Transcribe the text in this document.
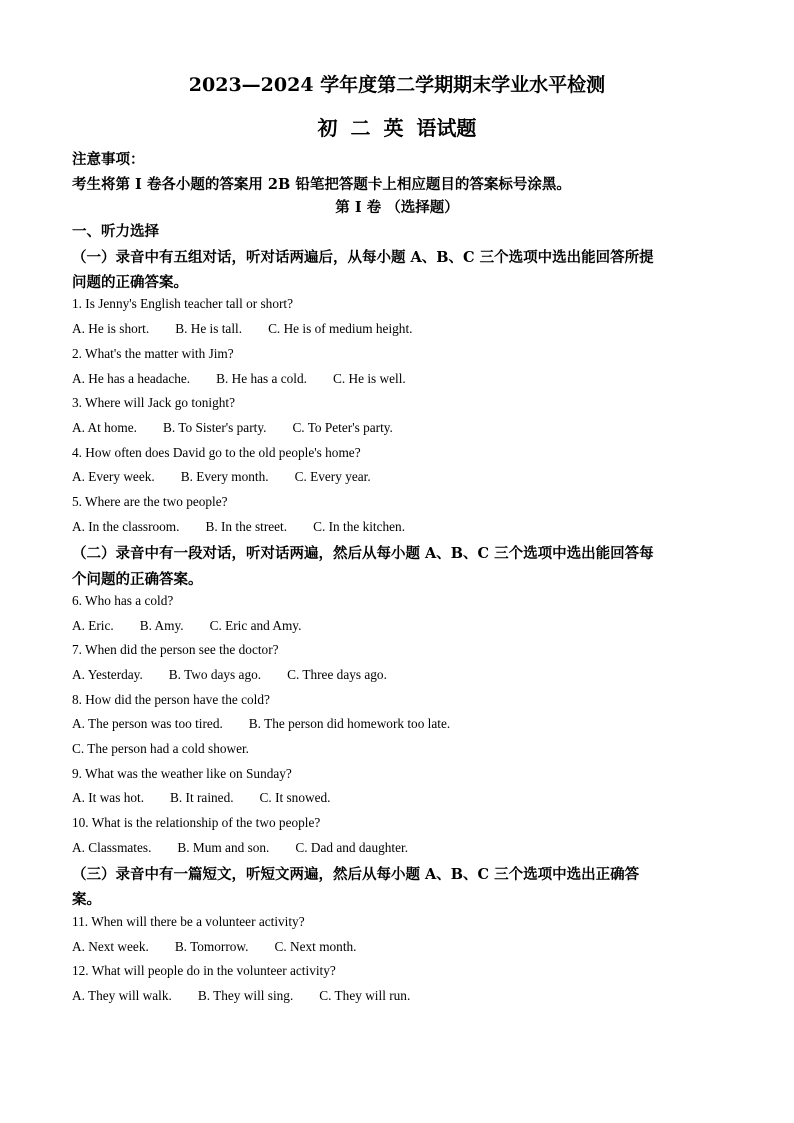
2023—2024 学年度第二学期期末学业水平检测
初 二 英 语试题
注意事项：
考生将第 I 卷各小题的答案用 2B 铅笔把答题卡上相应题目的答案标号涂黑。
第 I 卷 （选择题）
一、听力选择
（一）录音中有五组对话，听对话两遍后，从每小题 A、B、C 三个选项中选出能回答所提
问题的正确答案。
1. Is Jenny's English teacher tall or short?
A. He is short. B. He is tall. C. He is of medium height.
2. What's the matter with Jim?
A. He has a headache. B. He has a cold. C. He is well.
3. Where will Jack go tonight?
A. At home. B. To Sister's party. C. To Peter's party.
4. How often does David go to the old people's home?
A. Every week. B. Every month. C. Every year.
5. Where are the two people?
A. In the classroom. B. In the street. C. In the kitchen.
（二）录音中有一段对话，听对话两遍，然后从每小题 A、B、C 三个选项中选出能回答每
个问题的正确答案。
6. Who has a cold?
A. Eric. B. Amy. C. Eric and Amy.
7. When did the person see the doctor?
A. Yesterday. B. Two days ago. C. Three days ago.
8. How did the person have the cold?
A. The person was too tired. B. The person did homework too late.
C. The person had a cold shower.
9. What was the weather like on Sunday?
A. It was hot. B. It rained. C. It snowed.
10. What is the relationship of the two people?
A. Classmates. B. Mum and son. C. Dad and daughter.
（三）录音中有一篇短文，听短文两遍，然后从每小题 A、B、C 三个选项中选出正确答
案。
11. When will there be a volunteer activity?
A. Next week. B. Tomorrow. C. Next month.
12. What will people do in the volunteer activity?
A. They will walk. B. They will sing. C. They will run.
